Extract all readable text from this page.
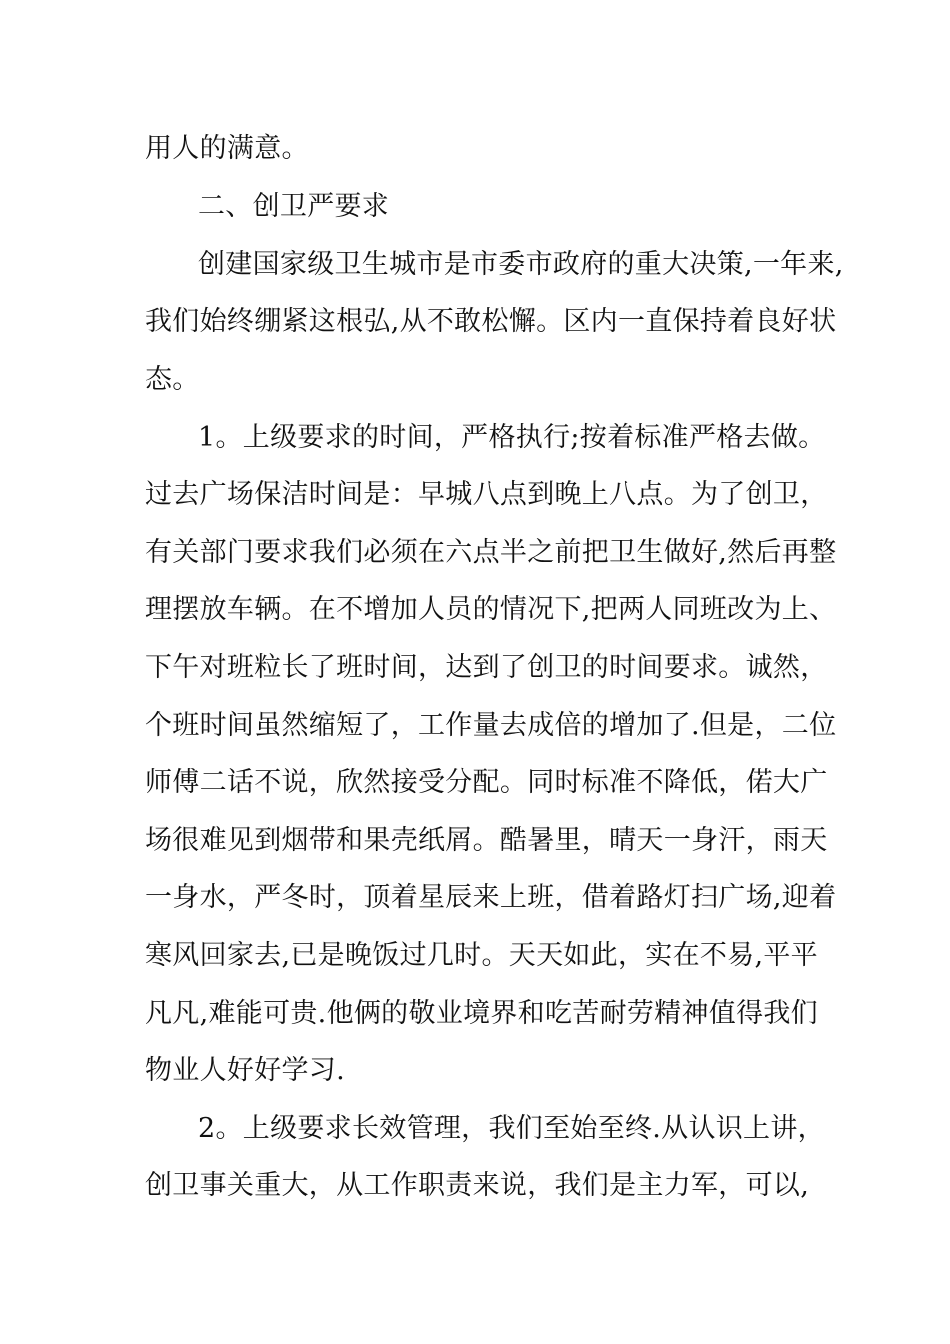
用人的满意。
二、创卫严要求
创建国家级卫生城市是市委市政府的重大决策,一年来,
我们始终绷紧这根弘,从不敢松懈。区内一直保持着良好状
态。
1。上级要求的时间，严格执行;按着标准严格去做。
过去广场保洁时间是：早城八点到晚上八点。为了创卫，
有关部门要求我们必须在六点半之前把卫生做好,然后再整
理摆放车辆。在不增加人员的情况下,把两人同班改为上、
下午对班粒长了班时间，达到了创卫的时间要求。诚然，
个班时间虽然缩短了，工作量去成倍的增加了.但是，二位
师傅二话不说，欣然接受分配。同时标准不降低，偌大广
场很难见到烟带和果壳纸屑。酷暑里，晴天一身汗，雨天
一身水，严冬时，顶着星辰来上班，借着路灯扫广场,迎着
寒风回家去,已是晚饭过几时。天天如此，实在不易,平平
凡凡,难能可贵.他俩的敬业境界和吃苦耐劳精神值得我们
物业人好好学习.
2。上级要求长效管理，我们至始至终.从认识上讲，
创卫事关重大，从工作职责来说，我们是主力军，可以,
